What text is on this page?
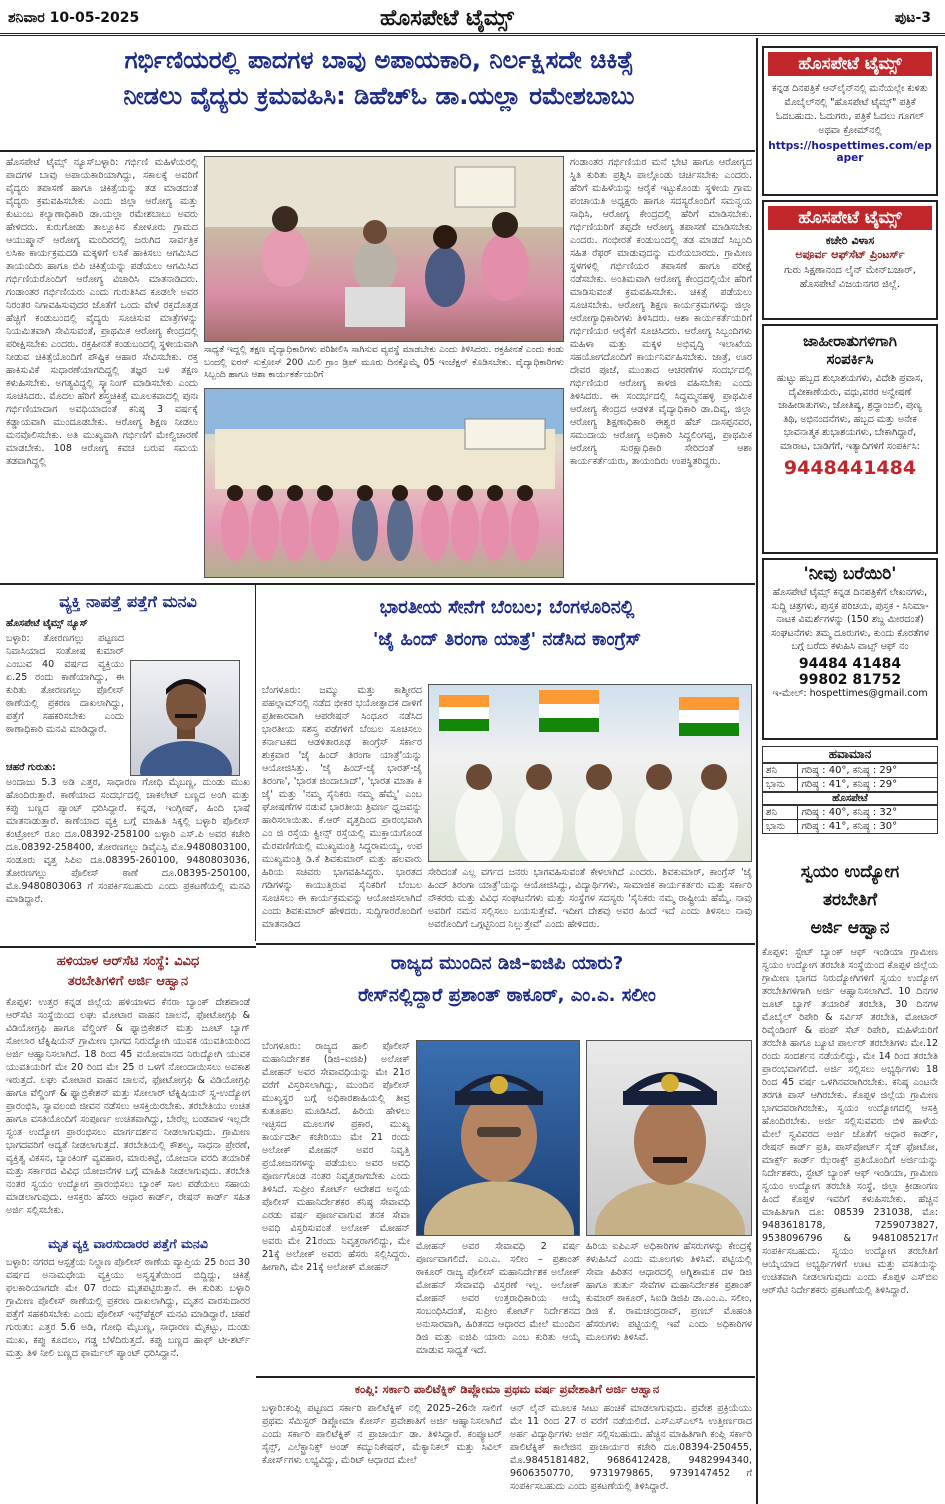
ಶನಿವಾರ 10-05-2025	ಹೊಸಪೇಟೆ ಟೈಮ್ಸ್	ಪುಟ-3
ಗರ್ಭಿಣಿಯರಲ್ಲಿ ಪಾದಗಳ ಬಾವು ಅಪಾಯಕಾರಿ, ನಿರ್ಲಕ್ಷಿಸದೇ ಚಿಕಿತ್ಸೆ
ನೀಡಲು ವೈದ್ಯರು ಕ್ರಮವಹಿಸಿ: ಡಿಹೆಚ್‌ಓ ಡಾ.ಯಲ್ಲಾ ರಮೇಶಬಾಬು
ಹೊಸಪೇಟೆ ಟೈಮ್ಸ್ ನ್ಯೂಸ್‌ಬಳ್ಳಾರಿ: ಗರ್ಭಿಣಿ ಮಹಿಳೆಯರಲ್ಲಿ ಪಾದಗಳ ಬಾವು ಅಪಾಯಕಾರಿಯಾಗಿದ್ದು, ಸಕಾಲಕ್ಕೆ ಅವರಿಗೆ ವೈದ್ಯರು ತಪಾಸಣೆ ಹಾಗೂ ಚಿಕಿತ್ಸೆಯನ್ನು ತಡ ಮಾಡದಂತೆ ವೈದ್ಯರು ಕ್ರಮವಹಿಸಬೇಕು ಎಂದು ಜಿಲ್ಲಾ ಆರೋಗ್ಯ ಮತ್ತು ಕುಟುಂಬ ಕಲ್ಯಾಣಾಧಿಕಾರಿ ಡಾ.ಯಲ್ಲಾ ರಮೇಶಬಾಬು ಅವರು ಹೇಳಿದರು. ಕುರುಗೋಡು ತಾಲ್ಲೂಕಿನ ಕೋಳೂರು ಗ್ರಾಮದ ಆಯುಷ್ಮಾನ್ ಆರೋಗ್ಯ ಮಂದಿರದಲ್ಲಿ ಜರುಗಿದ ಸಾರ್ವತ್ರಿಕ ಲಸಿಕಾ ಕಾರ್ಯಕ್ರಮದಡಿ ಮಕ್ಕಳಿಗೆ ಲಸಿಕೆ ಹಾಕಿಸಲು ಆಗಮಿಸಿದ ತಾಯಂದಿರು ಹಾಗೂ ಬಿಪಿ ಚಿಕಿತ್ಸೆಯನ್ನು ಪಡೆಯಲು ಆಗಮಿಸಿದ ಗರ್ಭಿಣಿಯರೊಂದಿಗೆ ಆರೋಗ್ಯ ವಿಚಾರಿಸಿ ಮಾತನಾಡಿದರು. ಗಂಡಾಂತರ ಗರ್ಭಿಣಿಯರು ಎಂದು ಗುರುತಿಸಿದ ಕೂಡಲೇ ಅವರ ನಿರಂತರ ನಿಗಾವಹಿಸುವುದರ ಜೊತೆಗೆ ಒಂದು ವೇಳೆ ರಕ್ತದೊತ್ತಡ ಹೆಚ್ಚಿಗೆ ಕಂಡುಬಂದಲ್ಲಿ ವೈದ್ಯರು ಸೂಚಿಸುವ ಮಾತ್ರೆಗಳನ್ನು ನಿಯಮಿತವಾಗಿ ಸೇವಿಸುವಂತೆ, ಪ್ರಾಥಮಿಕ ಆರೋಗ್ಯ ಕೇಂದ್ರದಲ್ಲಿ ಪರೀಕ್ಷಿಸಬೇಕು ಎಂದರು. ರಕ್ತಹೀನತೆ ಕಂಡುಬಂದಲ್ಲಿ ಸ್ಥಳೀಯವಾಗಿ ನೀಡುವ ಚಿಕಿತ್ಸೆಯೊಂದಿಗೆ ಪೌಷ್ಟಿಕ ಆಹಾರ ಸೇವಿಸಬೇಕು. ರಕ್ತ ಹಾಕಿಸುವಿಕೆ ಸುಧಾರಣೆಯಾಗದಿದ್ದಲ್ಲಿ ತಜ್ಞರ ಬಳಿ ತಕ್ಷಣ ಕಳುಹಿಸಬೇಕು. ಅಗತ್ಯವಿದ್ದಲ್ಲಿ ಸ್ಕ್ಯಾನಿಂಗ್ ಮಾಡಿಸಬೇಕು ಎಂದು ಸೂಚಿಸಿದರು. ಮೊದಲ ಹೆರಿಗೆ ಶಸ್ತ್ರಚಿಕಿತ್ಸೆ ಮೂಲಕವಾದಲ್ಲಿ ಪುನಃ ಗರ್ಭಿಣಿಯಾದಾಗ ಅವಧಿಯಾದಂತೆ ಕನಿಷ್ಠ 3 ವರ್ಷಕ್ಕೆ ಕಡ್ಡಾಯವಾಗಿ ಮುಂದೂಡಬೇಕು. ಆರೋಗ್ಯ ಶಿಕ್ಷಣ ನೀಡಲು ಮನವೊಲಿಸಬೇಕು. ಅತಿ ಮುಖ್ಯವಾಗಿ ಗರ್ಭಿಣಿಗೆ ಮೇಲ್ವಿಚಾರಣೆ ಮಾಡಬೇಕು. 108 ಆರೋಗ್ಯ ಕವಚ ಬರುವ ಸಮಯ ತಡವಾಗಿದ್ದಲ್ಲಿ
ಸಾಧ್ಯತೆ ಇದ್ದಲ್ಲಿ ತಕ್ಷಣ ವೈದ್ಯಾಧಿಕಾರಿಗಳು ಪರಿಶೀಲಿಸಿ ಸಾಗಿಸುವ ವ್ಯವಸ್ಥೆ ಮಾಡಬೇಕು ಎಂದು ತಿಳಿಸಿದರು. ರಕ್ತಹೀನತೆ ಎಂದು ಕಂಡು ಬಂದಲ್ಲಿ ಐರನ್ ಸುಕ್ರೋಸ್ 200 ಮಿಲಿ ಗ್ರಾಂ ಡ್ರಿಪ್ ಮೂರು ದಿನಕ್ಕೊಮ್ಮೆ 05 ಇಂಜೆಕ್ಷನ್ ಕೊಡಿಸಬೇಕು. ವೈದ್ಯಾಧಿಕಾರಿಗಳು ಸಿಬ್ಬಂದಿ ಹಾಗೂ ಆಶಾ ಕಾರ್ಯಕರ್ತೆಯರಿಗೆ
ಗಂಡಾಂತರ ಗರ್ಭಿಣಿಯರ ಮನೆ ಭೇಟಿ ಹಾಗೂ ಆರೋಗ್ಯದ ಸ್ಥಿತಿ ಕುರಿತು ಪ್ರಶ್ನಿಸಿ ಪಾಲ್ಗೊಂಡು ಚರ್ಚಿಸಬೇಕು ಎಂದರು. ಹೆರಿಗೆ ಮಹಿಳೆಯನ್ನು ಆರೈಕೆ ಇಟ್ಟುಕೊಂಡು ಸ್ಥಳೀಯ ಗ್ರಾಮ ಪಂಚಾಯತಿ ಅಧ್ಯಕ್ಷರು ಹಾಗೂ ಸದಸ್ಯರೊಂದಿಗೆ ಸಮನ್ವಯ ಸಾಧಿಸಿ, ಆರೋಗ್ಯ ಕೇಂದ್ರದಲ್ಲಿ ಹೆರಿಗೆ ಮಾಡಿಸಬೇಕು. ಗರ್ಭಿಣಿಯರಿಗೆ ತಪ್ಪದೇ ಆರೋಗ್ಯ ತಪಾಸಣೆ ಮಾಡಿಸಬೇಕು ಎಂದರು. ಗಂಭೀರತೆ ಕಂಡುಬಂದಲ್ಲಿ ತಡ ಮಾಡದೆ ಸಿಬ್ಬಂದಿ ಸಹಿತ ರೆಫರ್ ಮಾಡುವುದನ್ನು ಮರೆಯಬಾರದು. ಗ್ರಾಮೀಣ ಸ್ಥಳಗಳಲ್ಲಿ ಗರ್ಭಿಣಿಯರ ತಪಾಸಣೆ ಹಾಗೂ ಪರೀಕ್ಷೆ ನಡೆಸಬೇಕು. ಅಂತಿಮವಾಗಿ ಆರೋಗ್ಯ ಕೇಂದ್ರದಲ್ಲಿಯೇ ಹೆರಿಗೆ ಮಾಡಿಸುವಂತೆ ಕ್ರಮವಹಿಸಬೇಕು. ಚಿಕಿತ್ಸೆ ಪಡೆಯಲು ಸೂಚಿಸಬೇಕು. ಆರೋಗ್ಯ ಶಿಕ್ಷಣ ಕಾರ್ಯಕ್ರಮಗಳನ್ನು ಜಿಲ್ಲಾ ಆರೋಗ್ಯಾಧಿಕಾರಿಗಳು ತಿಳಿಸಿದರು. ಆಶಾ ಕಾರ್ಯಕರ್ತೆಯರಿಗೆ ಗರ್ಭಿಣಿಯರ ಆರೈಕೆಗೆ ಸೂಚಿಸಿದರು. ಆರೋಗ್ಯ ಸಿಬ್ಬಂದಿಗಳು ಮಹಿಳಾ ಮತ್ತು ಮಕ್ಕಳ ಅಭಿವೃದ್ಧಿ ಇಲಾಖೆಯ ಸಹಯೋಗದೊಂದಿಗೆ ಕಾರ್ಯನಿರ್ವಹಿಸಬೇಕು. ಜಾತ್ರೆ, ಊರ ದೇವರ ಪೂಜೆ, ಮುಂತಾದ ಆಚರಣೆಗಳ ಸಂದರ್ಭದಲ್ಲಿ ಗರ್ಭಿಣಿಯರ ಆರೋಗ್ಯ ಕಾಳಜಿ ವಹಿಸಬೇಕು ಎಂದು ತಿಳಿಸಿದರು. ಈ ಸಂದರ್ಭದಲ್ಲಿ ಸಿದ್ದಮ್ಮನಹಳ್ಳಿ ಪ್ರಾಥಮಿಕ ಆರೋಗ್ಯ ಕೇಂದ್ರದ ಆಡಳಿತ ವೈದ್ಯಾಧಿಕಾರಿ ಡಾ.ದಿವ್ಯ, ಜಿಲ್ಲಾ ಆರೋಗ್ಯ ಶಿಕ್ಷಣಾಧಿಕಾರಿ ಈಶ್ವರ ಹೆಚ್ ದಾಸಪ್ಪನವರ, ಸಮುದಾಯ ಆರೋಗ್ಯ ಅಧಿಕಾರಿ ಸಿದ್ದಲಿಂಗಪ್ಪ, ಪ್ರಾಥಮಿಕ ಆರೋಗ್ಯ ಸುರಕ್ಷಾಧಿಕಾರಿ ಸೇರಿದಂತೆ ಆಶಾ ಕಾರ್ಯಕರ್ತೆಯರು, ತಾಯಂದಿರು ಉಪಸ್ಥಿತರಿದ್ದರು.
ವ್ಯಕ್ತಿ ನಾಪತ್ತೆ ಪತ್ತೆಗೆ ಮನವಿ
ಹೊಸಪೇಟೆ ಟೈಮ್ಸ್ ನ್ಯೂಸ್
ಬಳ್ಳಾರಿ: ತೋರಣಗಲ್ಲು ಪಟ್ಟಣದ ನಿವಾಸಿಯಾದ ಸಂತೋಷ ಕುಮಾರ್ ಎಂಬುವ 40 ವರ್ಷದ ವ್ಯಕ್ತಿಯು ಏ.25 ರಂದು ಕಾಣೆಯಾಗಿದ್ದು, ಈ ಕುರಿತು ತೋರಣಗಲ್ಲು ಪೊಲೀಸ್ ಠಾಣೆಯಲ್ಲಿ ಪ್ರಕರಣ ದಾಖಲಾಗಿದ್ದು, ಪತ್ತೆಗೆ ಸಹಕರಿಸಬೇಕು ಎಂದು ಠಾಣಾಧಿಕಾರಿ ಮನವಿ ಮಾಡಿದ್ದಾರೆ.
ಚಹರೆ ಗುರುತು:
ಅಂದಾಜು 5.3 ಅಡಿ ಎತ್ತರ, ಸಾಧಾರಣ ಗೋಧಿ ಮೈಬಣ್ಣ, ದುಂಡು ಮುಖ ಹೊಂದಿರುತ್ತಾರೆ. ಕಾಣೆಯಾದ ಸಂದರ್ಭದಲ್ಲಿ ಚಾಕಲೇಟ್ ಬಣ್ಣದ ಅಂಗಿ ಮತ್ತು ಕಪ್ಪು ಬಣ್ಣದ ಪ್ಯಾಂಟ್ ಧರಿಸಿದ್ದಾರೆ. ಕನ್ನಡ, ಇಂಗ್ಲೀಷ್, ಹಿಂದಿ ಭಾಷೆ ಮಾತನಾಡುತ್ತಾರೆ. ಕಾಣೆಯಾದ ವ್ಯಕ್ತಿ ಬಗ್ಗೆ ಮಾಹಿತಿ ಸಿಕ್ಕಲ್ಲಿ ಬಳ್ಳಾರಿ ಪೊಲೀಸ್ ಕಂಟ್ರೋಲ್ ರೂಂ ದೂ.08392-258100 ಬಳ್ಳಾರಿ ಎಸ್.ಪಿ ಅವರ ಕಚೇರಿ ದೂ.08392-258400, ತೋರಣಗಲ್ಲು ಡಿವೈಎಸ್ಪಿ ಮೊ.9480803100, ಸಂಡೂರು ವೃತ್ತ ಸಿಪಿಐ ದೂ.08395-260100, 9480803036, ತೋರಣಗಲ್ಲು ಪೊಲೀಸ್ ಠಾಣೆ ದೂ.08395-250100, ಮೊ.9480803063 ಗೆ ಸಂಪರ್ಕಿಸಬಹುದು ಎಂದು ಪ್ರಕಟಣೆಯಲ್ಲಿ ಮನವಿ ಮಾಡಿದ್ದಾರೆ.
ಹಳಿಯಾಳ ಆರ್‌ಸೆಟಿ ಸಂಸ್ಥೆ: ವಿವಿಧ
ತರಬೇತಿಗಳಿಗೆ ಅರ್ಜಿ ಆಹ್ವಾನ
ಕೊಪ್ಪಳ: ಉತ್ತರ ಕನ್ನಡ ಜಿಲ್ಲೆಯ ಹಳಿಯಾಳದ ಕೆನರಾ ಬ್ಯಾಂಕ್ ದೇಶಪಾಂಡೆ ಆರ್‌ಸೆಟಿ ಸಂಸ್ಥೆಯಿಂದ ಲಘು ಮೋಟಾರ ವಾಹನ ಚಾಲನೆ, ಫೋಟೋಗ್ರಫಿ & ವಿಡಿಯೋಗ್ರಫಿ ಹಾಗೂ ವೆಲ್ಡಿಂಗ್ & ಫ್ಯಾಬ್ರಿಕೇಶನ್ ಮತ್ತು ಜೂಟ್ ಬ್ಯಾಗ್ ಸೋಲಾರ ಟೆಕ್ನಿಷಿಯನ್ ಗ್ರಾಮೀಣ ಭಾಗದ ನಿರುದ್ಯೋಗಿ ಯುವಕ ಯುವತಿಯರಿಂದ ಅರ್ಜಿ ಆಹ್ವಾನಿಸಲಾಗಿದೆ. 18 ರಿಂದ 45 ವಯೋಮಾನದ ನಿರುದ್ಯೋಗಿ ಯುವಕ ಯುವತಿಯರಿಗೆ ಮೇ 20 ರಿಂದ ಮೇ 25 ರ ಒಳಗೆ ನೋಂದಾಯಿಸಲು ಅವಕಾಶ ಇರುತ್ತದೆ. ಲಘು ಮೋಟಾರ ವಾಹನ ಚಾಲನೆ, ಫೋಟೋಗ್ರಫಿ & ವಿಡಿಯೋಗ್ರಫಿ ಹಾಗೂ ವೆಲ್ಡಿಂಗ್ & ಫ್ಯಾಬ್ರಿಕೇಶನ್ ಮತ್ತು ಸೋಲಾರ್ ಟೆಕ್ನಿಷಿಯನ್ ಸ್ವ-ಉದ್ಯೋಗ ಪ್ರಾರಂಭಿಸಿ, ಸ್ವಾವಲಂಬಿ ಜೀವನ ನಡೆಸಲು ಆಸಕ್ತಿಯಿರಬೇಕು. ತರಬೇತಿಯು ಉಚಿತ ಹಾಗೂ ವಸತಿಯೊಂದಿಗೆ ಸಂಪೂರ್ಣ ಉಚಿತವಾಗಿದ್ದು, ಬೇರೆಲ್ಲ ಬಂಡವಾಳ ಇಲ್ಲದೇ ಸ್ವಂತ ಉದ್ಯೋಗ ಪ್ರಾರಂಭಿಸಲು ಮಾರ್ಗದರ್ಶನ ನೀಡಲಾಗುವುದು. ಗ್ರಾಮೀಣ ಭಾಗದವರಿಗೆ ಆದ್ಯತೆ ನೀಡಲಾಗುತ್ತದೆ. ತರಬೇತಿಯಲ್ಲಿ ಕೌಶಲ್ಯ, ಸಾಧನಾ ಪ್ರೇರಣೆ, ವ್ಯಕ್ತಿತ್ವ ವಿಕಸನ, ಬ್ಯಾಂಕಿಂಗ್ ವ್ಯವಹಾರ, ಮಾರುಕಟ್ಟೆ, ಯೋಜನಾ ವರದಿ ತಯಾರಿಕೆ ಮತ್ತು ಸರ್ಕಾರದ ವಿವಿಧ ಯೋಜನೆಗಳ ಬಗ್ಗೆ ಮಾಹಿತಿ ನೀಡಲಾಗುವುದು. ತರಬೇತಿ ನಂತರ ಸ್ವಯಂ ಉದ್ಯೋಗ ಪ್ರಾರಂಭಿಸಲು ಬ್ಯಾಂಕ್ ಸಾಲ ಪಡೆಯಲು ಸಹಾಯ ಮಾಡಲಾಗುವುದು. ಆಸಕ್ತರು ಹೆಸರು ಆಧಾರ ಕಾರ್ಡ್, ರೇಷನ್ ಕಾರ್ಡ್ ಸಹಿತ ಅರ್ಜಿ ಸಲ್ಲಿಸಬೇಕು.
ಮೃತ ವ್ಯಕ್ತಿ ವಾರಸುದಾರರ ಪತ್ತೆಗೆ ಮನವಿ
ಬಳ್ಳಾರಿ: ನಗರದ ಆಸ್ಪತ್ರೆಯ ನಿಲ್ದಾಣ ಪೊಲೀಸ್ ಠಾಣೆಯ ವ್ಯಾಪ್ತಿಯ 25 ರಿಂದ 30 ವರ್ಷದ ಅನಾಮಧೇಯ ವ್ಯಕ್ತಿಯು ಅಸ್ವಸ್ಥತೆಯಿಂದ ಬಿದ್ದಿದ್ದು, ಚಿಕಿತ್ಸೆ ಫಲಕಾರಿಯಾಗದೇ ಮೇ 07 ರಂದು ಮೃತಪಟ್ಟಿರುತ್ತಾನೆ. ಈ ಕುರಿತು ಬಳ್ಳಾರಿ ಗ್ರಾಮೀಣ ಪೊಲೀಸ್ ಠಾಣೆಯಲ್ಲಿ ಪ್ರಕರಣ ದಾಖಲಾಗಿದ್ದು, ಮೃತನ ವಾರಸುದಾರರ ಪತ್ತೆಗೆ ಸಹಕರಿಸಬೇಕು ಎಂದು ಪೊಲೀಸ್ ಇನ್ಸ್‌ಪೆಕ್ಟರ್ ಮನವಿ ಮಾಡಿದ್ದಾರೆ. ಚಹರೆ ಗುರುತು: ಎತ್ತರ 5.6 ಅಡಿ, ಗೋಧಿ ಮೈಬಣ್ಣ, ಸಾಧಾರಣ ಮೈಕಟ್ಟು, ದುಂಡು ಮುಖ, ಕಪ್ಪು ಕೂದಲು, ಗಡ್ಡ ಬೆಳೆದಿರುತ್ತದೆ. ಕಪ್ಪು ಬಣ್ಣದ ಹಾಫ್ ಟೀ-ಶರ್ಟ್ ಮತ್ತು ತಿಳಿ ನೀಲಿ ಬಣ್ಣದ ಫಾರ್ಮಲ್ ಪ್ಯಾಂಟ್ ಧರಿಸಿದ್ದಾನೆ.
ಭಾರತೀಯ ಸೇನೆಗೆ ಬೆಂಬಲ; ಬೆಂಗಳೂರಿನಲ್ಲಿ
'ಜೈ ಹಿಂದ್ ತಿರಂಗಾ ಯಾತ್ರೆ' ನಡೆಸಿದ ಕಾಂಗ್ರೆಸ್
ಬೆಂಗಳೂರು: ಜಮ್ಮು ಮತ್ತು ಕಾಶ್ಮೀರದ ಪಹಲ್ಗಾಮ್‌ನಲ್ಲಿ ನಡೆದ ಭೀಕರ ಭಯೋತ್ಪಾದಕ ದಾಳಿಗೆ ಪ್ರತೀಕಾರವಾಗಿ ಆಪರೇಷನ್ ಸಿಂಧೂರ ನಡೆಸಿದ ಭಾರತೀಯ ಸಶಸ್ತ್ರ ಪಡೆಗಳಿಗೆ ಬೆಂಬಲ ಸೂಚಿಸಲು ಕರ್ನಾಟಕದ ಆಡಳಿತಾರೂಢ ಕಾಂಗ್ರೆಸ್ ಸರ್ಕಾರ ಶುಕ್ರವಾರ 'ಜೈ ಹಿಂದ್ ತಿರಂಗಾ ಯಾತ್ರೆ'ಯನ್ನು ಆಯೋಜಿಸಿತ್ತು. 'ಜೈ ಹಿಂದ್-ಜೈ ಭಾರತ್-ಜೈ ತಿರಂಗಾ', 'ಭಾರತ ಜಿಂದಾಬಾದ್', 'ಭಾರತ ಮಾತಾ ಕಿ ಜೈ' ಮತ್ತು 'ನಮ್ಮ ಸೈನಿಕರು ನಮ್ಮ ಹೆಮ್ಮೆ' ಎಂಬ ಘೋಷಣೆಗಳ ನಡುವೆ ಭಾರತೀಯ ತ್ರಿವರ್ಣ ಧ್ವಜವನ್ನು ಹಾರಿಸಲಾಯಿತು. ಕೆ.ಆರ್ ವೃತ್ತದಿಂದ ಪ್ರಾರಂಭವಾಗಿ ಎಂ ಜಿ ರಸ್ತೆಯ ಕ್ವೀನ್ಸ್ ರಸ್ತೆಯಲ್ಲಿ ಮುಕ್ತಾಯಗೊಂಡ ಮೆರವಣಿಗೆಯಲ್ಲಿ ಮುಖ್ಯಮಂತ್ರಿ ಸಿದ್ದರಾಮಯ್ಯ, ಉಪ ಮುಖ್ಯಮಂತ್ರಿ ಡಿ.ಕೆ ಶಿವಕುಮಾರ್ ಮತ್ತು ಹಲವಾರು ಹಿರಿಯ ಸಚಿವರು ಭಾಗವಹಿಸಿದ್ದರು. ಭಾರತದ ಗಡಿಗಳನ್ನು ಕಾಯುತ್ತಿರುವ ಸೈನಿಕರಿಗೆ ಬೆಂಬಲ ಸೂಚಿಸಲು ಈ ಕಾರ್ಯಕ್ರಮವನ್ನು ಆಯೋಜಿಸಲಾಗಿದೆ ಎಂದು ಶಿವಕುಮಾರ್ ಹೇಳಿದರು. ಸುದ್ದಿಗಾರರೊಂದಿಗೆ ಮಾತನಾಡಿದ
ಸೇರಿದಂತೆ ಎಲ್ಲ ವರ್ಗದ ಜನರು ಭಾಗವಹಿಸುವಂತೆ ಕೇಳಲಾಗಿದೆ ಎಂದರು. ಶಿವಕುಮಾರ್, ಕಾಂಗ್ರೆಸ್ 'ಜೈ ಹಿಂದ್ ತಿರಂಗಾ ಯಾತ್ರೆ'ಯನ್ನು ಆಯೋಜಿಸಿದ್ದು, ವಿದ್ಯಾರ್ಥಿಗಳು, ಸಾಮಾಜಿಕ ಕಾರ್ಯಕರ್ತರು ಮತ್ತು ಸರ್ಕಾರಿ ನೌಕರರು ಮತ್ತು ವಿವಿಧ ಸಂಘಟನೆಗಳು ಮತ್ತು ಸಂಸ್ಥೆಗಳ ಸದಸ್ಯರು 'ಸೈನಿಕರು ನಮ್ಮ ರಾಷ್ಟ್ರೀಯ ಹೆಮ್ಮೆ. ನಾವು ಅವರಿಗೆ ನಮನ ಸಲ್ಲಿಸಲು ಬಯಸುತ್ತೇವೆ. ಇದೀಗ ದೇಶವು ಅವರ ಹಿಂದೆ ಇದೆ ಎಂದು ತಿಳಿಸಲು ನಾವು ಅವರೊಂದಿಗೆ ಒಗ್ಗಟ್ಟಿನಿಂದ ನಿಲ್ಲುತ್ತೇವೆ' ಎಂದು ಹೇಳಿದರು.
ರಾಜ್ಯದ ಮುಂದಿನ ಡಿಜಿ–ಐಜಿಪಿ ಯಾರು?
ರೇಸ್‌ನಲ್ಲಿದ್ದಾರೆ ಪ್ರಶಾಂತ್ ಠಾಕೂರ್, ಎಂ.ಎ. ಸಲೀಂ
ಬೆಂಗಳೂರು: ರಾಜ್ಯದ ಹಾಲಿ ಪೊಲೀಸ್ ಮಹಾನಿರ್ದೇಶಕ (ಡಿಜಿ–ಐಜಿಪಿ) ಅಲೋಕ್ ಮೋಹನ್ ಅವರ ಸೇವಾವಧಿಯನ್ನು ಮೇ 21ರ ವರೆಗೆ ವಿಸ್ತರಿಸಲಾಗಿದ್ದು, ಮುಂದಿನ ಪೊಲೀಸ್ ಮುಖ್ಯಸ್ಥರ ಬಗ್ಗೆ ಅಧಿಕಾರಶಾಹಿಯಲ್ಲಿ ತೀವ್ರ ಕುತೂಹಲ ಮೂಡಿಸಿದೆ. ಹಿರಿಯ ಹೇಳಲು ಇಚ್ಛಿಸದ ಮೂಲಗಳ ಪ್ರಕಾರ, ಮುಖ್ಯ ಕಾರ್ಯದರ್ಶಿ ಕಚೇರಿಯು ಮೇ 21 ರಂದು ಅಲೋಕ್ ಮೋಹನ್ ಅವರ ನಿವೃತ್ತಿ ಪ್ರಯೋಜನಗಳನ್ನು ಪಡೆಯಲು ಅವರ ಅವಧಿ ಪೂರ್ಣಗೊಂಡ ನಂತರ ನಿವೃತ್ತರಾಗಬೇಕು ಎಂದು ತಿಳಿಸಿದೆ. ಸುಪ್ರೀಂ ಕೋರ್ಟ್ ಆದೇಶದ ಅನ್ವಯ ಪೊಲೀಸ್ ಮಹಾನಿರ್ದೇಶಕರ ಕನಿಷ್ಠ ಸೇವಾವಧಿ ಎರಡು ವರ್ಷ ಪೂರ್ಣವಾಗುವ ತನಕ ಸೇವಾ ಅವಧಿ ವಿಸ್ತರಿಸುವಂತೆ ಅಲೋಕ್ ಮೋಹನ್ ಅವರು ಮೇ 21ರಂದು ನಿವೃತ್ತರಾಗಲಿದ್ದು, ಮೇ 21ಕ್ಕೆ ಅಲೋಕ್ ಅವರು ಹೆಸರು ಸಲ್ಲಿಸಿದ್ದರು. ಹೀಗಾಗಿ, ಮೇ 21ಕ್ಕೆ ಅಲೋಕ್ ಮೋಹನ್
ಮೋಹನ್ ಅವರ ಸೇವಾವಧಿ 2 ವರ್ಷ ಪೂರ್ಣವಾಗಲಿದೆ. ಎಂ.ಎ. ಸಲೀಂ – ಪ್ರಶಾಂತ್ ಠಾಕೂರ್ ರಾಜ್ಯ ಪೊಲೀಸ್ ಮಹಾನಿರ್ದೇಶಕ ಅಲೋಕ್ ಮೋಹನ್ ಸೇವಾವಧಿ ವಿಸ್ತರಣೆ ಇಲ್ಲ. ಅಲೋಕ್ ಮೋಹನ್ ಅವರ ಉತ್ತರಾಧಿಕಾರಿಯ ಆಯ್ಕೆ ಸಂಬಂಧಿಸಿದಂತೆ, ಸುಪ್ರೀಂ ಕೋರ್ಟ್ ನಿರ್ದೇಶನದ ಅನುಸಾರವಾಗಿ, ಹಿರಿತನದ ಆಧಾರದ ಮೇಲೆ ಮುಂದಿನ ಡಿಜಿ ಮತ್ತು ಐಜಿಪಿ ಯಾರು ಎಂಬ ಕುರಿತು ಆಯ್ಕೆ ಮಾಡುವ ಸಾಧ್ಯತೆ ಇದೆ.
ಹಿರಿಯ ಐಪಿಎಸ್ ಅಧಿಕಾರಿಗಳ ಹೆಸರುಗಳನ್ನು ಕೇಂದ್ರಕ್ಕೆ ಕಳುಹಿಸಿದೆ ಎಂದು ಮೂಲಗಳು ತಿಳಿಸಿವೆ. ಪಟ್ಟಿಯಲ್ಲಿ ಸೇವಾ ಹಿರಿತನ ಆಧಾರದಲ್ಲಿ ಅಗ್ನಿಶಾಮಕ ದಳ ಡಿಜಿ ಹಾಗೂ ತುರ್ತು ಸೇವೆಗಳ ಮಹಾನಿರ್ದೇಶಕ ಪ್ರಶಾಂತ್ ಕುಮಾರ್ ಠಾಕೂರ್, ಸಿಐಡಿ ಡಿಜಿಪಿ ಡಾ.ಎಂ.ಎ. ಸಲೀಂ, ಡಿಜಿ ಕೆ. ರಾಮಚಂದ್ರರಾವ್, ಪ್ರಣಬ್ ಮೊಹಂತಿ ಹೆಸರುಗಳು ಪಟ್ಟಿಯಲ್ಲಿ ಇವೆ ಎಂದು ಅಧಿಕಾರಿಗಳ ಮೂಲಗಳು ತಿಳಿಸಿವೆ.
ಕಂಪ್ಲಿ: ಸರ್ಕಾರಿ ಪಾಲಿಟೆಕ್ನಿಕ್ ಡಿಪ್ಲೋಮಾ ಪ್ರಥಮ ವರ್ಷ ಪ್ರವೇಶಾತಿಗೆ ಅರ್ಜಿ ಆಹ್ವಾನ
ಬಳ್ಳಾರಿ:ಕಂಪ್ಲಿ ಪಟ್ಟಣದ ಸರ್ಕಾರಿ ಪಾಲಿಟೆಕ್ನಿಕ್ ನಲ್ಲಿ 2025–26ನೇ ಸಾಲಿಗೆ ಪ್ರಥಮ ಸೆಮಿಸ್ಟರ್ ಡಿಪ್ಲೋಮಾ ಕೋರ್ಸ್ ಪ್ರವೇಶಾತಿಗೆ ಅರ್ಜಿ ಆಹ್ವಾನಿಸಲಾಗಿದೆ ಎಂದು ಸರ್ಕಾರಿ ಪಾಲಿಟೆಕ್ನಿಕ್ ನ ಪ್ರಾಚಾರ್ಯ ಡಾ. ತಿಳಿಸಿದ್ದಾರೆ. ಕಂಪ್ಯೂಟರ್ ಸೈನ್ಸ್, ಎಲೆಕ್ಟ್ರಾನಿಕ್ಸ್ ಅಂಡ್ ಕಮ್ಯುನಿಕೇಷನ್, ಮೆಕ್ಯಾನಿಕಲ್ ಮತ್ತು ಸಿವಿಲ್ ಕೋರ್ಸ್‌ಗಳು ಲಭ್ಯವಿದ್ದು, ಮೆರಿಟ್ ಆಧಾರದ ಮೇಲೆ
ಆನ್ ಲೈನ್ ಮೂಲಕ ಸೀಟು ಹಂಚಿಕೆ ಮಾಡಲಾಗುವುದು. ಪ್ರವೇಶ ಪ್ರಕ್ರಿಯೆಯು ಮೇ 11 ರಿಂದ 27 ರ ವರೆಗೆ ನಡೆಯಲಿದೆ. ಎಸ್‌ಎಸ್‌ಎಲ್‌ಸಿ ಉತ್ತೀರ್ಣರಾದ ಅರ್ಹ ವಿದ್ಯಾರ್ಥಿಗಳು ಅರ್ಜಿ ಸಲ್ಲಿಸಬಹುದು. ಹೆಚ್ಚಿನ ಮಾಹಿತಿಗಾಗಿ ಕಂಪ್ಲಿ ಸರ್ಕಾರಿ ಪಾಲಿಟೆಕ್ನಿಕ್ ಕಾಲೇಜಿನ ಪ್ರಾಚಾರ್ಯರ ಕಚೇರಿ ದೂ.08394-250455, ಮೊ.9845181482, 9686412428, 9482994340, 9606350770, 9731979865, 9739147452 ಗೆ ಸಂಪರ್ಕಿಸಬಹುದು ಎಂದು ಪ್ರಕಟಣೆಯಲ್ಲಿ ತಿಳಿಸಿದ್ದಾರೆ.
ಹೊಸಪೇಟೆ ಟೈಮ್ಸ್
ಕನ್ನಡ ದಿನಪತ್ರಿಕೆ ಆನ್‌ಲೈನ್‌ನಲ್ಲಿ ಮನೆಯಲ್ಲೇ ಕುಳಿತು ಮೊಬೈಲ್‌ನಲ್ಲಿ "ಹೊಸಪೇಟೆ ಟೈಮ್ಸ್" ಪತ್ರಿಕೆ ಓದಬಹುದು. ಓದುಗರು, ಪತ್ರಿಕೆ ಓದಲು ಗೂಗಲ್ ಅಥವಾ ಕ್ರೋಮ್‌ನಲ್ಲಿ
https://hospettimes.com/epaper
ಹೊಸಪೇಟೆ ಟೈಮ್ಸ್
ಕಚೇರಿ ವಿಳಾಸ
ಅಪೂರ್ವ ಆಫ್‌ಸೆಟ್ ಪ್ರಿಂಟರ್ಸ್
ಗುರು ಸಿಕ್ಷಣಾನಂದ ಲೈನ್ ಮೇನ್‌ಬಜಾರ್, ಹೊಸಪೇಟೆ ವಿಜಯನಗರ ಜಿಲ್ಲೆ.
ಜಾಹೀರಾತುಗಳಿಗಾಗಿ
ಸಂಪರ್ಕಿಸಿ
ಹುಟ್ಟು ಹಬ್ಬದ ಶುಭಾಶಯಗಳು, ವಿದೇಶಿ ಪ್ರವಾಸ, ದೈವೀಕಾಣೆಯರು, ವಧು,ವರರ ಅನ್ವೇಷಣೆ ಜಾಹೀರಾತುಗಳು, ಜೋತಿಷ್ಯ, ಶ್ರದ್ಧಾಂಜಲಿ, ಪುಣ್ಯ ತಿಥಿ, ಅಭಿನಂದನೆಗಳು, ಹಬ್ಬದ ಮತ್ತು ಅನೇಕ ಭಾವನಾತ್ಮಕ ಶುಭಾಶಯಗಳು, ಬೇಕಾಗಿದ್ದಾರೆ, ಮಾರಾಟ, ಬಾಡಿಗೆಗೆ, ಇತ್ಯಾದಿಗಳಿಗೆ ಸಂಪರ್ಕಿಸಿ:
9448441484
'ನೀವು ಬರೆಯಿರಿ'
ಹೊಸಪೇಟೆ ಟೈಮ್ಸ್ ಕನ್ನಡ ದಿನಪತ್ರಿಕೆಗೆ ಲೇಖನಗಳು, ಸುದ್ದಿ ಚಿತ್ರಗಳು, ಪುಸ್ತಕ ಪರಿಚಯ, ಪುಸ್ತಕ - ಸಿನಿಮಾ-ನಾಟಕ ವಿಮರ್ಶೆಗಳನ್ನು (150 ಶಬ್ದ ಮೀರದಂತೆ) ಸಂಘಟನೆಗಳು ತಮ್ಮ ದೂರುಗಳು, ಕುಂದು ಕೊರತೆಗಳ ಬಗ್ಗೆ ಬರೆದು ಕಳುಹಿಸಿ ವಾಟ್ಸ್ ಆಫ್ ನಂ
94484 41484
99802 81752
ಇ-ಮೇಲ್: hospettimes@gmail.com
ಹವಾಮಾನ
ಶನಿ	ಗರಿಷ್ಠ : 40°, ಕನಿಷ್ಠ : 29°
ಭಾನು	ಗರಿಷ್ಠ : 41°, ಕನಿಷ್ಠ : 29°
ಹೊಸಪೇಟೆ
ಶನಿ	ಗರಿಷ್ಠ : 40°, ಕನಿಷ್ಠ : 32°
ಭಾನು	ಗರಿಷ್ಠ : 41°, ಕನಿಷ್ಠ : 30°
ಸ್ವಯಂ ಉದ್ಯೋಗ
ತರಬೇತಿಗೆ
ಅರ್ಜಿ ಆಹ್ವಾನ
ಕೊಪ್ಪಳ: ಸ್ಟೇಟ್ ಬ್ಯಾಂಕ್ ಆಫ್ ಇಂಡಿಯಾ ಗ್ರಾಮೀಣ ಸ್ವಯಂ ಉದ್ಯೋಗ ತರಬೇತಿ ಸಂಸ್ಥೆಯಿಂದ ಕೊಪ್ಪಳ ಜಿಲ್ಲೆಯ ಗ್ರಾಮೀಣ ಭಾಗದ ನಿರುದ್ಯೋಗಿಗಳಿಗೆ ಸ್ವಯಂ ಉದ್ಯೋಗ ತರಬೇತಿಗಳಿಗಾಗಿ ಅರ್ಜಿ ಆಹ್ವಾನಿಸಲಾಗಿದೆ. 10 ದಿನಗಳ ಜೂಟ್ ಬ್ಯಾಗ್ ತಯಾರಿಕೆ ತರಬೇತಿ, 30 ದಿನಗಳ ಮೊಬೈಲ್ ರಿಪೇರಿ & ಸರ್ವಿಸ್ ತರಬೇತಿ, ಮೋಟಾರ್ ರಿವೈಂಡಿಂಗ್ & ಪಂಪ್ ಸೆಟ್ ರಿಪೇರಿ, ಮಹಿಳೆಯರಿಗೆ ತರಬೇತಿ ಹಾಗೂ ಬ್ಯೂಟಿ ಪಾರ್ಲರ್ ತರಬೇತಿಗಳು ಮೇ.12 ರಂದು ಸಂದರ್ಶನ ನಡೆಯಲಿದ್ದು, ಮೇ 14 ರಿಂದ ತರಬೇತಿ ಪ್ರಾರಂಭವಾಗಲಿದೆ. ಅರ್ಜಿ ಸಲ್ಲಿಸಲು ಅಭ್ಯರ್ಥಿಗಳು 18 ರಿಂದ 45 ವರ್ಷ ಒಳಗಿನವರಾಗಿರಬೇಕು. ಕನಿಷ್ಠ ಎಂಟನೇ ತರಗತಿ ಪಾಸ್ ಆಗಿರಬೇಕು. ಕೊಪ್ಪಳ ಜಿಲ್ಲೆಯ ಗ್ರಾಮೀಣ ಭಾಗದವರಾಗಿರಬೇಕು, ಸ್ವಯಂ ಉದ್ಯೋಗದಲ್ಲಿ ಆಸಕ್ತಿ ಹೊಂದಿರಬೇಕು. ಅರ್ಜಿ ಸಲ್ಲಿಸುವವರು ಬಿಳಿ ಹಾಳೆಯ ಮೇಲೆ ಸ್ವವಿವರದ ಅರ್ಜಿ ಜೊತೆಗೆ ಆಧಾರ ಕಾರ್ಡ್, ರೇಷನ್ ಕಾರ್ಡ್ ಪ್ರತಿ, ಪಾಸ್‌ಪೋರ್ಟ್ ಸೈಜ್ ಫೋಟೋ, ಮಾರ್ಕ್ಸ್ ಕಾರ್ಡ್ ಝೆರಾಕ್ಸ್ ಪ್ರತಿಯೊಂದಿಗೆ ಅರ್ಜಿಯನ್ನು ನಿರ್ದೇಶಕರು, ಸ್ಟೇಟ್ ಬ್ಯಾಂಕ್ ಆಫ್ ಇಂಡಿಯಾ, ಗ್ರಾಮೀಣ ಸ್ವಯಂ ಉದ್ಯೋಗ ತರಬೇತಿ ಸಂಸ್ಥೆ, ಜಿಲ್ಲಾ ಕ್ರೀಡಾಂಗಣ ಹಿಂದೆ ಕೊಪ್ಪಳ ಇವರಿಗೆ ಕಳುಹಿಸಬೇಕು. ಹೆಚ್ಚಿನ ಮಾಹಿತಿಗಾಗಿ ದೂ: 08539 231038, ಮೊ: 9483618178, 7259073827, 9538096796 & 9481085217ಗೆ ಸಂಪರ್ಕಿಸಬಹುದು. ಸ್ವಯಂ ಉದ್ಯೋಗ ತರಬೇತಿಗೆ ಆಯ್ಕೆಯಾದ ಅಭ್ಯರ್ಥಿಗಳಿಗೆ ಊಟ ಮತ್ತು ವಸತಿಯನ್ನು ಉಚಿತವಾಗಿ ನೀಡಲಾಗುವುದು ಎಂದು ಕೊಪ್ಪಳ ಎಸ್‌ಬಿಐ ಆರ್‌ಸೆಟಿ ನಿರ್ದೇಶಕರು ಪ್ರಕಟಣೆಯಲ್ಲಿ ತಿಳಿಸಿದ್ದಾರೆ.
